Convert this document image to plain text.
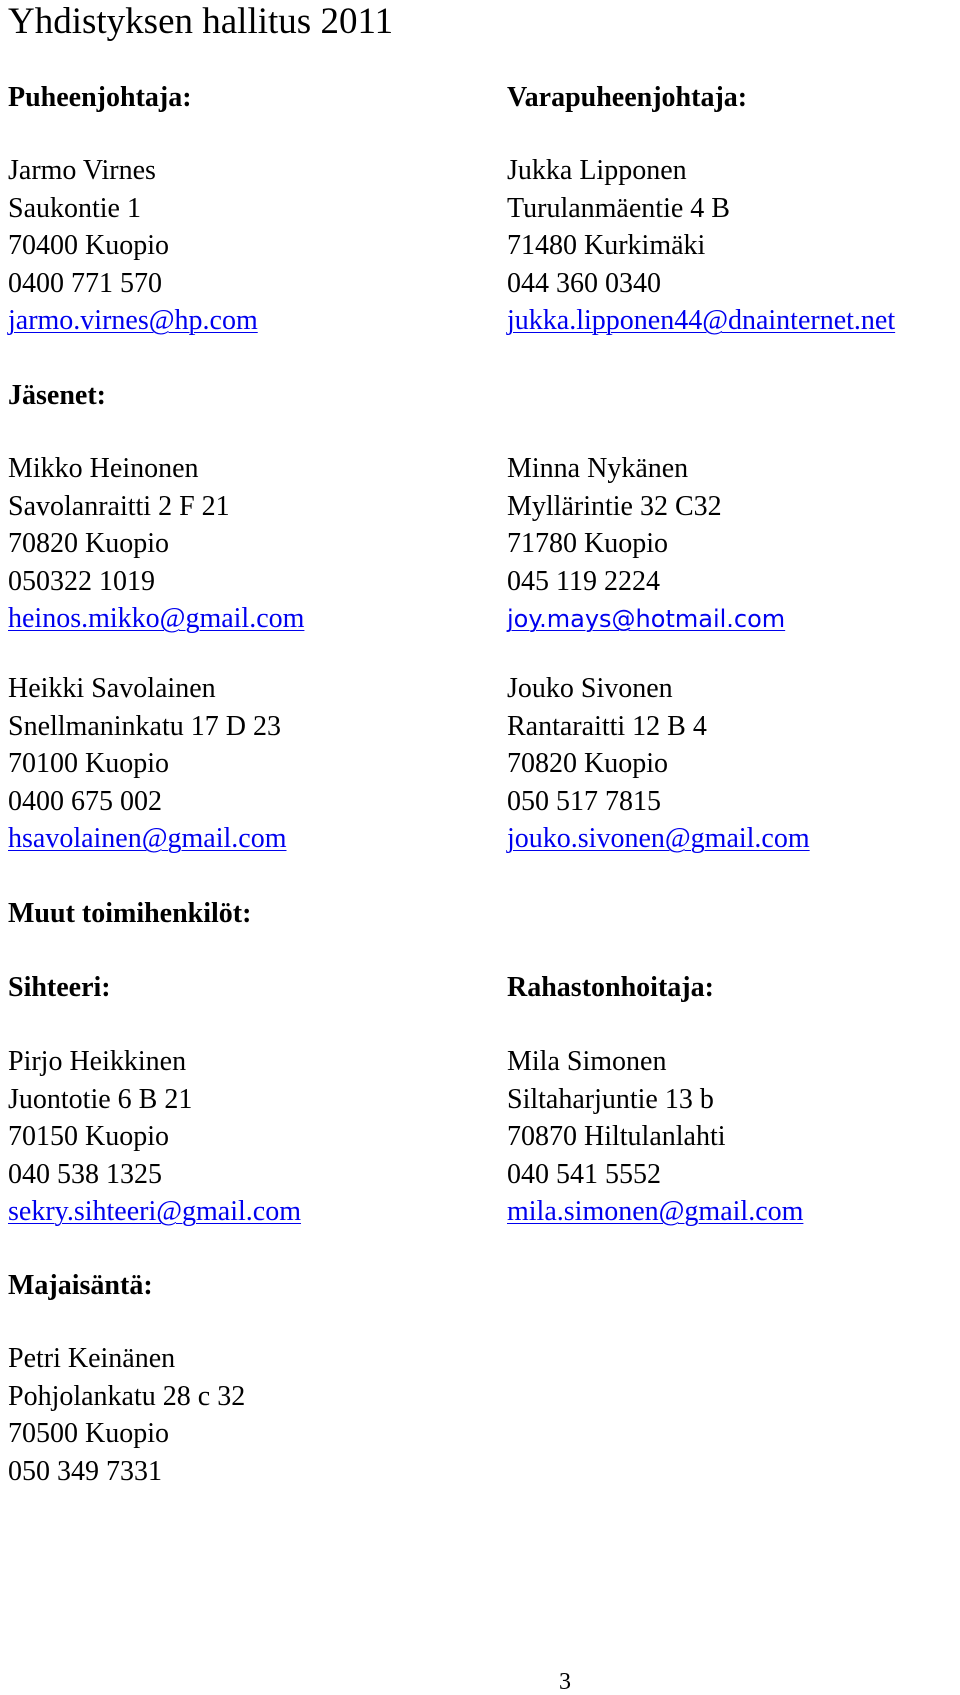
Yhdistyksen hallitus 2011
Puheenjohtaja:	Varapuheenjohtaja:
Jarmo Virnes
Saukontie 1
70400 Kuopio
0400 771 570
jarmo.virnes@hp.com
Jukka Lipponen
Turulanmäentie 4 B
71480 Kurkimäki
044 360 0340
jukka.lipponen44@dnainternet.net
Jäsenet:
Mikko Heinonen
Savolanraitti 2 F 21
70820 Kuopio
050322 1019
heinos.mikko@gmail.com
Minna Nykänen
Myllärintie 32 C32
71780 Kuopio
045 119 2224
joy.mays@hotmail.com
Heikki Savolainen
Snellmaninkatu 17 D 23
70100 Kuopio
0400 675 002
hsavolainen@gmail.com
Jouko Sivonen
Rantaraitti 12 B 4
70820 Kuopio
050 517 7815
jouko.sivonen@gmail.com
Muut toimihenkilöt:
Sihteeri:	Rahastonhoitaja:
Pirjo Heikkinen
Juontotie 6 B 21
70150 Kuopio
040 538 1325
sekry.sihteeri@gmail.com
Mila Simonen
Siltaharjuntie 13 b
70870 Hiltulanlahti
040 541 5552
mila.simonen@gmail.com
Majaisäntä:
Petri Keinänen
Pohjolankatu 28 c 32
70500 Kuopio
050 349 7331
3
